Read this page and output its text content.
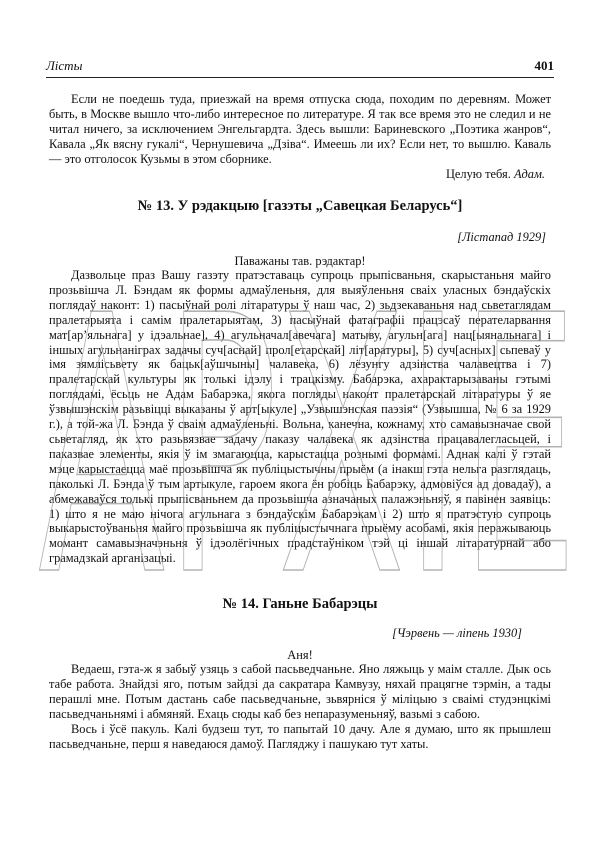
Лісты	401

Если не поедешь туда, приезжай на время отпуска сюда, походим по деревням. Может быть, в Москве вышло что-либо интересное по литературе. Я так все время это не следил и не читал ничего, за исключением Энгельгардта. Здесь вышли: Бариневского „Поэтика жанров“, Кавала „Як вясну гукалі“, Чернушевича „Дзіва“. Имеешь ли их? Если нет, то вышлю. Каваль — это отголосок Кузьмы в этом сборнике.

Целую тебя. Адам.
№ 13. У рэдакцыю [газэты „Савецкая Беларусь“]
[Лістапад 1929]
Паважаны тав. рэдактар!

Дазвольце праз Вашу газэту пратэставаць супроць прыпісваньня, скарыстаньня майго прозьвішча Л. Бэндам як формы адмаўленьня, для выяўленьня сваіх уласных бэндаўскіх поглядаў наконт: 1) пасыўнай ролі літаратуры ў наш час, 2) зьдзекаваньня над сьветаглядам пралетарыята і самім пралетарыятам, 3) пасыўнай фатаграфіі працэсаў перателарвання мат[ар’яльнага] у ідэальнае], 4) агульначал[авечага] матыву, агульн[ага] нац[ыянальнага] і іншых агульнаніграх задачы суч[аснай] прол[етарскай] літ[аратуры], 5) суч[асных] сьпеваў у імя зямлісьвету як бацьк[аўшчыны] чалавека, 6) лёзунгу адзінства чалавецтва і 7) пралетарскай культуры як толькі ідэлу і трацкізму. Бабарэка, ахарактарызаваны гэтымі поглядамі, ёсьць не Адам Бабарэка, якога погляды наконт пралетарскай літаратуры ў яе ўзвышэнскім разьвіцці выказаны ў арт[ыкуле] „Узвышэнская паэзія“ (Узвышша, № 6 за 1929 г.), а той-жа Л. Бэнда ў сваім адмаўленьні. Вольна, канечна, кожнаму, хто самавызначае свой сьветагляд, як хто разьвязвае задачу паказу чалавека як адзінства працавалегласьцей, і паказвае элементы, якія ў ім змагаюцца, карыстацца рознымі формамі. Аднак калі ў гэтай мэце карыстаецца маё прозьвішча як публіцыстычны прыём (а інакш гэта нельга разглядаць, паколькі Л. Бэнда ў тым артыкуле, гароем якога ён робіць Бабарэку, адмовіўся ад довадаў), а абмежаваўся толькі прыпісваньнем да прозьвішча азначаных палажэньняў, я павінен заявіць: 1) што я не маю нічога агульнага з бэндаўскім Бабарэкам і 2) што я пратэстую супроць выкарыстоўваньня майго прозьвішча як публіцыстычнага прыёму асобамі, якія перажываюць момант самавызначэньня ў ідэолёгічных прадстаўніком тэй ці іншай літаратурнай або грамадзкай арганізацыі.

№ 14. Ганьне Бабарэцы
[Чэрвень — ліпень 1930]
Аня!

Ведаеш, гэта-ж я забыў узяць з сабой пасьведчаньне. Яно ляжыць у маім сталле. Дык ось табе работа. Знайдзі яго, потым зайдзі да сакратара Камвузу, няхай працягне тэрмін, а тады перашлі мне. Потым дастань сабе пасьведчаньне, зьвярніся ў міліцыю з сваімі студэнцкімі пасьведчаньнямі і абмяняй. Ехаць сюды каб без непаразуменьняў, вазьмі з сабою.

Вось і ўсё пакуль. Калі будзеш тут, то папытай 10 дачу. Але я думаю, што як прышлеш пасьведчаньне, перш я наведаюся дамоў. Пагляджу і пашукаю тут хаты.

APXIE
